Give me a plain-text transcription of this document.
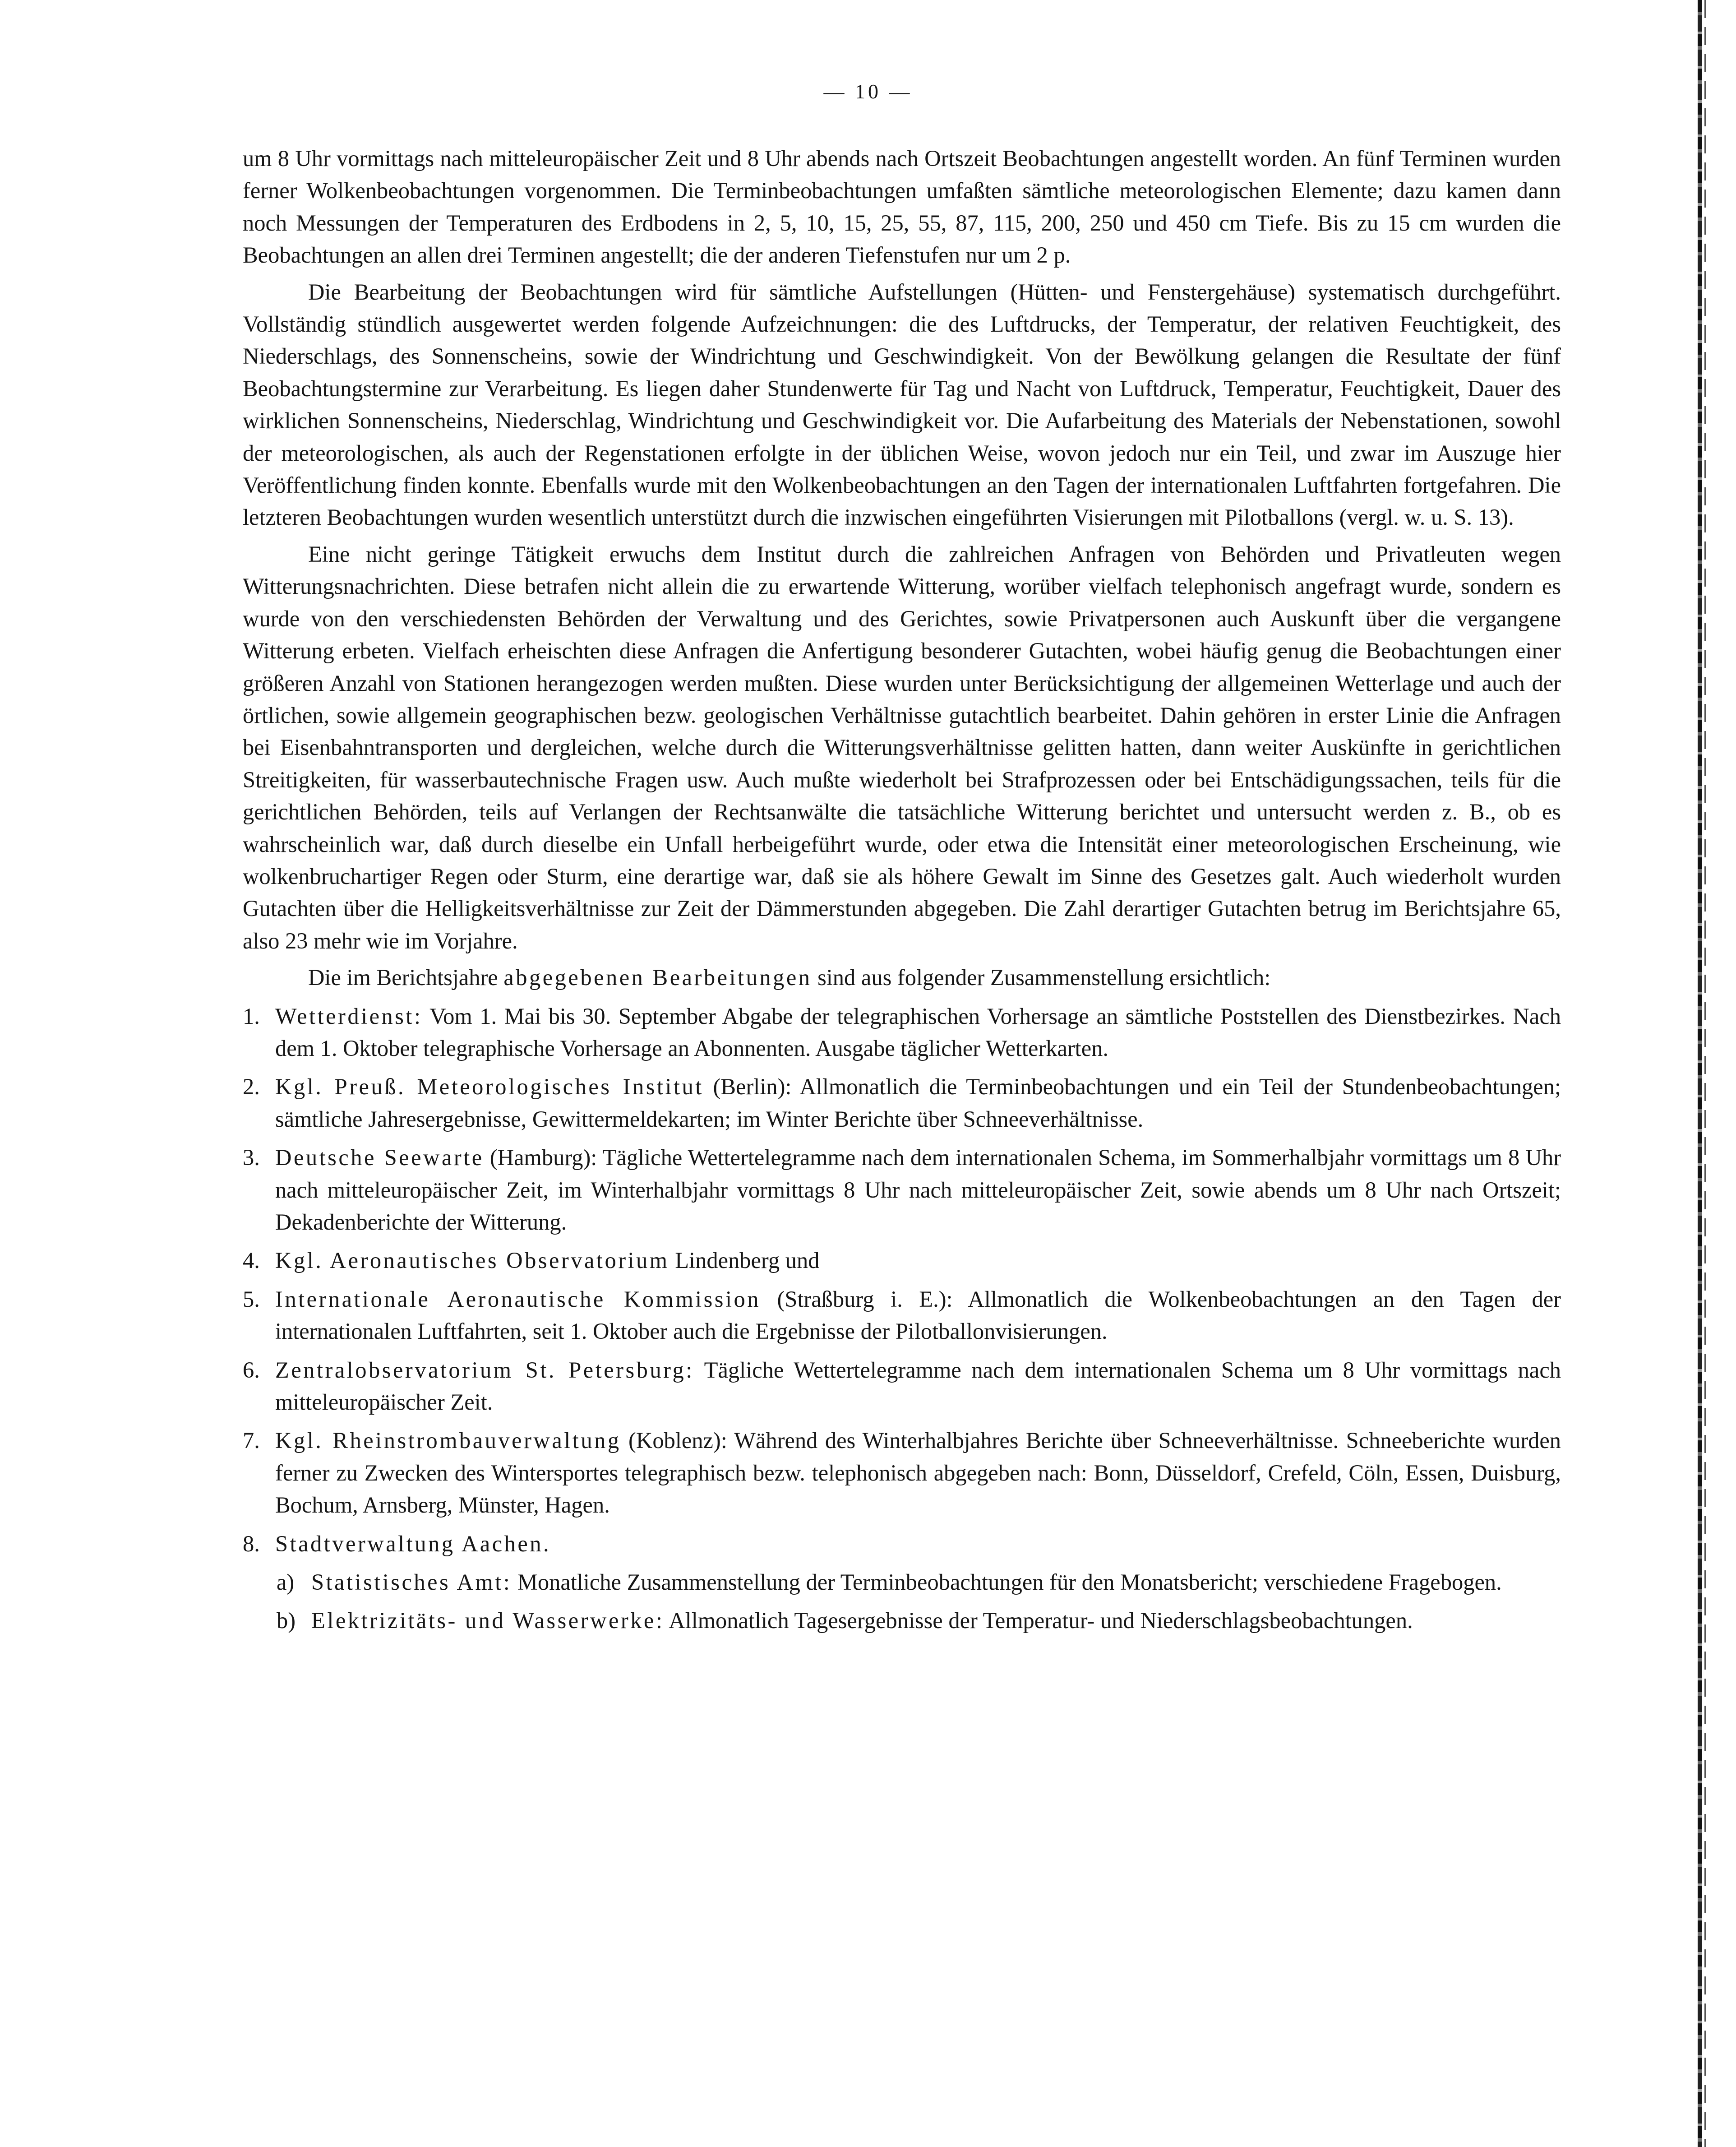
— 10 —

um 8 Uhr vormittags nach mitteleuropäischer Zeit und 8 Uhr abends nach Ortszeit Beobachtungen angestellt worden. An fünf Terminen wurden ferner Wolkenbeobachtungen vorgenommen. Die Terminbeobachtungen umfaßten sämtliche meteorologischen Elemente; dazu kamen dann noch Messungen der Temperaturen des Erdbodens in 2, 5, 10, 15, 25, 55, 87, 115, 200, 250 und 450 cm Tiefe. Bis zu 15 cm wurden die Beobachtungen an allen drei Terminen angestellt; die der anderen Tiefenstufen nur um 2 p.

Die Bearbeitung der Beobachtungen wird für sämtliche Aufstellungen (Hütten- und Fenstergehäuse) systematisch durchgeführt. Vollständig stündlich ausgewertet werden folgende Aufzeichnungen: die des Luftdrucks, der Temperatur, der relativen Feuchtigkeit, des Niederschlags, des Sonnenscheins, sowie der Windrichtung und Geschwindigkeit. Von der Bewölkung gelangen die Resultate der fünf Beobachtungstermine zur Verarbeitung. Es liegen daher Stundenwerte für Tag und Nacht von Luftdruck, Temperatur, Feuchtigkeit, Dauer des wirklichen Sonnenscheins, Niederschlag, Windrichtung und Geschwindigkeit vor. Die Aufarbeitung des Materials der Nebenstationen, sowohl der meteorologischen, als auch der Regenstationen erfolgte in der üblichen Weise, wovon jedoch nur ein Teil, und zwar im Auszuge hier Veröffentlichung finden konnte. Ebenfalls wurde mit den Wolkenbeobachtungen an den Tagen der internationalen Luftfahrten fortgefahren. Die letzteren Beobachtungen wurden wesentlich unterstützt durch die inzwischen eingeführten Visierungen mit Pilotballons (vergl. w. u. S. 13).

Eine nicht geringe Tätigkeit erwuchs dem Institut durch die zahlreichen Anfragen von Behörden und Privatleuten wegen Witterungsnachrichten. Diese betrafen nicht allein die zu erwartende Witterung, worüber vielfach telephonisch angefragt wurde, sondern es wurde von den verschiedensten Behörden der Verwaltung und des Gerichtes, sowie Privatpersonen auch Auskunft über die vergangene Witterung erbeten. Vielfach erheischten diese Anfragen die Anfertigung besonderer Gutachten, wobei häufig genug die Beobachtungen einer größeren Anzahl von Stationen herangezogen werden mußten. Diese wurden unter Berücksichtigung der allgemeinen Wetterlage und auch der örtlichen, sowie allgemein geographischen bezw. geologischen Verhältnisse gutachtlich bearbeitet. Dahin gehören in erster Linie die Anfragen bei Eisenbahntransporten und dergleichen, welche durch die Witterungsverhältnisse gelitten hatten, dann weiter Auskünfte in gerichtlichen Streitigkeiten, für wasserbautechnische Fragen usw. Auch mußte wiederholt bei Strafprozessen oder bei Entschädigungssachen, teils für die gerichtlichen Behörden, teils auf Verlangen der Rechtsanwälte die tatsächliche Witterung berichtet und untersucht werden z. B., ob es wahrscheinlich war, daß durch dieselbe ein Unfall herbeigeführt wurde, oder etwa die Intensität einer meteorologischen Erscheinung, wie wolkenbruchartiger Regen oder Sturm, eine derartige war, daß sie als höhere Gewalt im Sinne des Gesetzes galt. Auch wiederholt wurden Gutachten über die Helligkeitsverhältnisse zur Zeit der Dämmerstunden abgegeben. Die Zahl derartiger Gutachten betrug im Berichtsjahre 65, also 23 mehr wie im Vorjahre.

Die im Berichtsjahre abgegebenen Bearbeitungen sind aus folgender Zusammenstellung ersichtlich:

1. Wetterdienst: Vom 1. Mai bis 30. September Abgabe der telegraphischen Vorhersage an sämtliche Poststellen des Dienstbezirkes. Nach dem 1. Oktober telegraphische Vorhersage an Abonnenten. Ausgabe täglicher Wetterkarten.
2. Kgl. Preuß. Meteorologisches Institut (Berlin): Allmonatlich die Terminbeobachtungen und ein Teil der Stundenbeobachtungen; sämtliche Jahresergebnisse, Gewittermeldekarten; im Winter Berichte über Schneeverhältnisse.
3. Deutsche Seewarte (Hamburg): Tägliche Wettertelegramme nach dem internationalen Schema, im Sommerhalbjahr vormittags um 8 Uhr nach mitteleuropäischer Zeit, im Winterhalbjahr vormittags 8 Uhr nach mitteleuropäischer Zeit, sowie abends um 8 Uhr nach Ortszeit; Dekadenberichte der Witterung.
4. Kgl. Aeronautisches Observatorium Lindenberg und
5. Internationale Aeronautische Kommission (Straßburg i. E.): Allmonatlich die Wolkenbeobachtungen an den Tagen der internationalen Luftfahrten, seit 1. Oktober auch die Ergebnisse der Pilotballonvisierungen.
6. Zentralobservatorium St. Petersburg: Tägliche Wettertelegramme nach dem internationalen Schema um 8 Uhr vormittags nach mitteleuropäischer Zeit.
7. Kgl. Rheinstrombauverwaltung (Koblenz): Während des Winterhalbjahres Berichte über Schneeverhältnisse. Schneeberichte wurden ferner zu Zwecken des Wintersportes telegraphisch bezw. telephonisch abgegeben nach: Bonn, Düsseldorf, Crefeld, Cöln, Essen, Duisburg, Bochum, Arnsberg, Münster, Hagen.
8. Stadtverwaltung Aachen.
a) Statistisches Amt: Monatliche Zusammenstellung der Terminbeobachtungen für den Monatsbericht; verschiedene Fragebogen.
b) Elektrizitäts- und Wasserwerke: Allmonatlich Tagesergebnisse der Temperatur- und Niederschlagsbeobachtungen.
